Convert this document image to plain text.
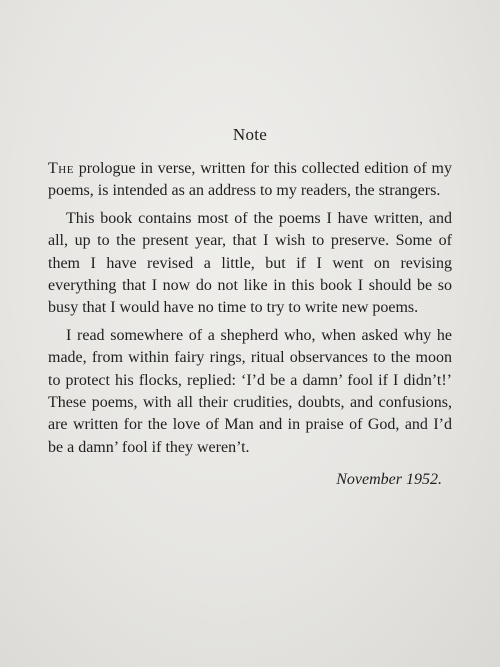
Note

The prologue in verse, written for this collected edition of my poems, is intended as an address to my readers, the strangers.

This book contains most of the poems I have written, and all, up to the present year, that I wish to preserve. Some of them I have revised a little, but if I went on revising everything that I now do not like in this book I should be so busy that I would have no time to try to write new poems.

I read somewhere of a shepherd who, when asked why he made, from within fairy rings, ritual observances to the moon to protect his flocks, replied: ‘I’d be a damn’ fool if I didn’t!’ These poems, with all their crudities, doubts, and confusions, are written for the love of Man and in praise of God, and I’d be a damn’ fool if they weren’t.

November 1952.
